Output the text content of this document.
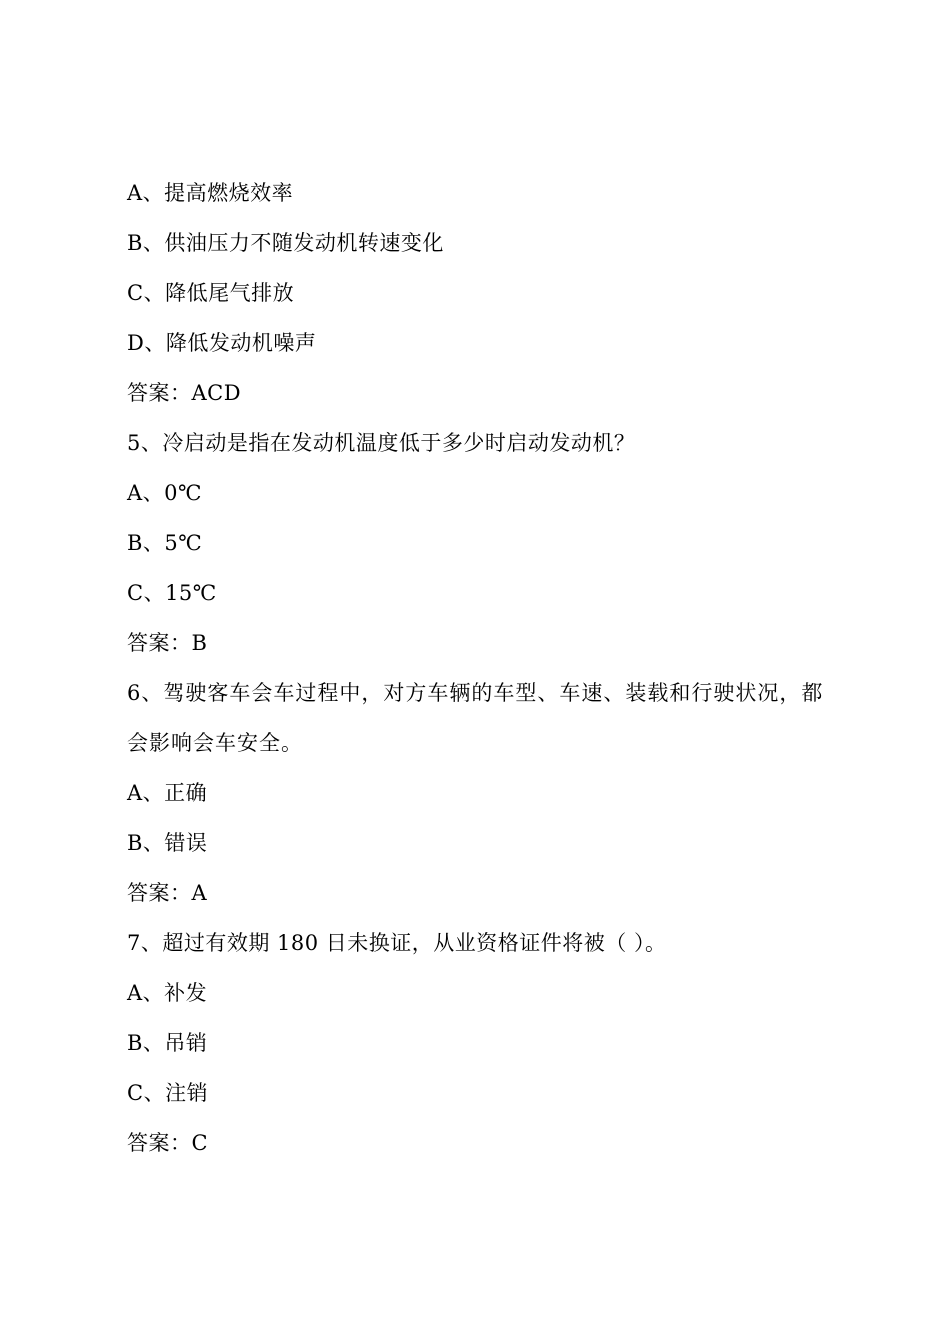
A、提高燃烧效率
B、供油压力不随发动机转速变化
C、降低尾气排放
D、降低发动机噪声
答案：ACD
5、冷启动是指在发动机温度低于多少时启动发动机？
A、0℃
B、5℃
C、15℃
答案：B
6、驾驶客车会车过程中，对方车辆的车型、车速、装载和行驶状况，都会影响会车安全。
A、正确
B、错误
答案：A
7、超过有效期 180 日未换证，从业资格证件将被（ ）。
A、补发
B、吊销
C、注销
答案：C
